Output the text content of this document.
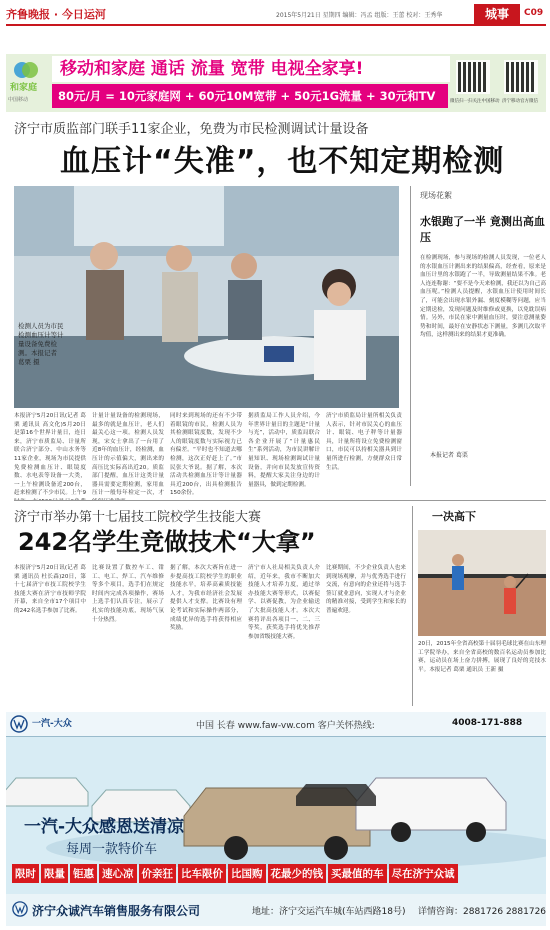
齐鲁晚报 · 今日运河	2015年5月21日 星期四 编辑：冯孟 组版：王蕾 校对：王秀华	城事	C09
和家庭
中国移动
移动和家庭 通话 流量 宽带 电视全家享!
80元/月 = 10元家庭网 + 60元10M宽带 + 50元1G流量 + 30元和TV	微信扫一扫关注中国移动 济宁移动官方微信
济宁市质监部门联手11家企业，免费为市民检测调试计量设备
血压计“失准”，也不知定期检测
检测人员为市民检测血压计等计量设备免费检测。本报记者 葛栗 摄
本报济宁5月20日讯(记者 葛栗 通讯员 高文化)5月20日是第16个世界计量日，连日来，济宁市质监局、计量所联合济宁部分、中山水务等11家企业，现场为市民提供免费检测血压计、眼镜度数、水电表等设备一大类，一上午检测设备近200台，赶来检测了不少市民。上午9
计量计量设备的检测现场，最多的就是血压计，老人们最关心这一项。检测人员发现，宋女士拿出了一台用了近8年的血压计，经检测，血压计的示值偏大，测出来的高压比实际高出近20。质监部门提醒，血压计这类计量器具需要定期检测，家用血压计一般每年检定一次，才
同时来到现场的还有不少带着眼镜的市民，检测人员为其检测眼镜度数，发现不少人的眼镜度数与实际视力已有偏差。“平时也不知道去哪检测，这次正好赶上了。”市民张大爷说。据了解，本次活动共检测血压计等计量器具近200台，出具检测报告150余份。
据质监局工作人员介绍，今年世界计量日的主题是“计量与光”，活动中，质监局联合各企业开展了“计量惠民生”系列活动，为市民讲解计量知识、现场检测调试计量设备，并向市民发放宣传资料，提醒大家关注身边的计量器具，做到定期检测。
济宁市质监局计量所相关负责人表示，针对市民关心的血压计、眼镜、电子秤等计量器具，计量所将设立免费检测窗口，市民可以持相关器具到计量所进行检测，方便群众日常生活。
现场花絮
水银跑了一半 竟测出高血压
在检测现场，参与现场的检测人员发现，一位老人的水银血压计测出来的结果偏高，经查看，原来是血压计里的水银跑了一半，导致测量结果不准。老人连连称谢：“要不是今天来检测，我还以为自己高血压呢。”检测人员提醒，水银血压计使用时间长了，可能会出现水银外漏、刻度模糊等问题，应当定期送检，发现问题及时维修或更换，以免耽误病情。另外，市民在家中测量血压时，要注意测量姿势和时间，最好在安静状态下测量，多测几次取平均值，这样测出来的结果才更准确。
本报记者 葛栗
济宁市举办第十七届技工院校学生技能大赛
242名学生竞做技术“大拿”
本报济宁5月20日讯(记者 葛栗 通讯员 杜长森)20日，第十七届济宁市技工院校学生技能大赛在济宁市技师学院开幕，来自全市17个项目中的242名选手参加了比赛。
比赛设置了数控车工、钳工、电工、焊工、汽车维修等多个项目，选手们在规定时间内完成各项操作，赛场上选手们认真专注，展示了扎实的技能功底，现场气氛十分热烈。
据了解，本次大赛旨在进一步提高技工院校学生的职业技能水平，培养高素质技能人才，为我市经济社会发展提供人才支撑。比赛设有理论考试和实际操作两部分，成绩优异的选手将获得相应奖励。
济宁市人社局相关负责人介绍，近年来，我市不断加大技能人才培养力度，通过举办技能大赛等形式，以赛促学、以赛促教，为企业输送了大批高技能人才。本次大赛将评出各项目一、二、三等奖，获奖选手将优先推荐参加省级技能大赛。
比赛期间，不少企业负责人也来到现场观摩，并与优秀选手进行交流，有意向的企业还将与选手签订就业意向，实现人才与企业的精准对接，受到学生和家长的普遍欢迎。
一决高下
20日，2015年全省高校第十届羽毛球比赛在山东理工学院举办，来自全省高校的数百名运动员参加比赛，运动员在场上奋力拼搏，展现了良好的竞技水平。本报记者 葛栗 通讯员 王新 摄
一汽-大众	中国 长春 www.faw-vw.com 客户关怀热线:	4008-171-888
一汽-大众感恩送清凉
每周一款特价车
限时 限量 钜惠 速心凉 价亲狂 比车限价 比国购 花最少的钱 买最值的车 尽在济宁众诚
济宁众诚汽车销售服务有限公司	地址：济宁交运汽车城(车站西路18号) 详情咨询：2881726 2881726
